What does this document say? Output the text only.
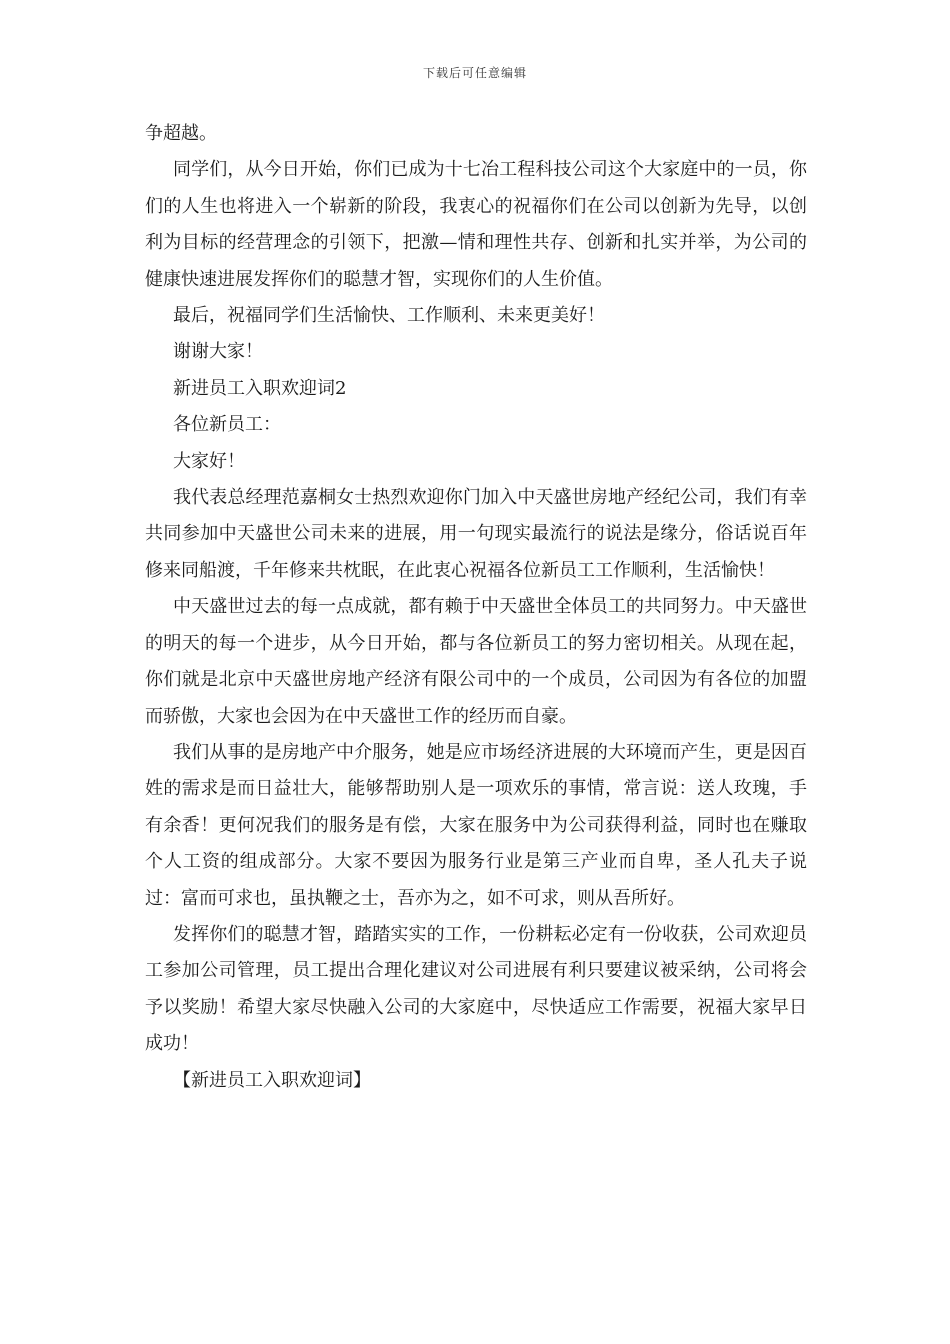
下载后可任意编辑

争超越。

同学们，从今日开始，你们已成为十七冶工程科技公司这个大家庭中的一员，你们的人生也将进入一个崭新的阶段，我衷心的祝福你们在公司以创新为先导，以创利为目标的经营理念的引领下，把激—情和理性共存、创新和扎实并举，为公司的健康快速进展发挥你们的聪慧才智，实现你们的人生价值。

最后，祝福同学们生活愉快、工作顺利、未来更美好！

谢谢大家！

新进员工入职欢迎词2

各位新员工：

大家好！

我代表总经理范嘉桐女士热烈欢迎你门加入中天盛世房地产经纪公司，我们有幸共同参加中天盛世公司未来的进展，用一句现实最流行的说法是缘分，俗话说百年修来同船渡，千年修来共枕眠，在此衷心祝福各位新员工工作顺利，生活愉快！

中天盛世过去的每一点成就，都有赖于中天盛世全体员工的共同努力。中天盛世的明天的每一个进步，从今日开始，都与各位新员工的努力密切相关。从现在起，你们就是北京中天盛世房地产经济有限公司中的一个成员，公司因为有各位的加盟而骄傲，大家也会因为在中天盛世工作的经历而自豪。

我们从事的是房地产中介服务，她是应市场经济进展的大环境而产生，更是因百姓的需求是而日益壮大，能够帮助别人是一项欢乐的事情，常言说：送人玫瑰，手有余香！更何况我们的服务是有偿，大家在服务中为公司获得利益，同时也在赚取个人工资的组成部分。大家不要因为服务行业是第三产业而自卑，圣人孔夫子说过：富而可求也，虽执鞭之士，吾亦为之，如不可求，则从吾所好。

发挥你们的聪慧才智，踏踏实实的工作，一份耕耘必定有一份收获，公司欢迎员工参加公司管理，员工提出合理化建议对公司进展有利只要建议被采纳，公司将会予以奖励！希望大家尽快融入公司的大家庭中，尽快适应工作需要，祝福大家早日成功！

【新进员工入职欢迎词】
